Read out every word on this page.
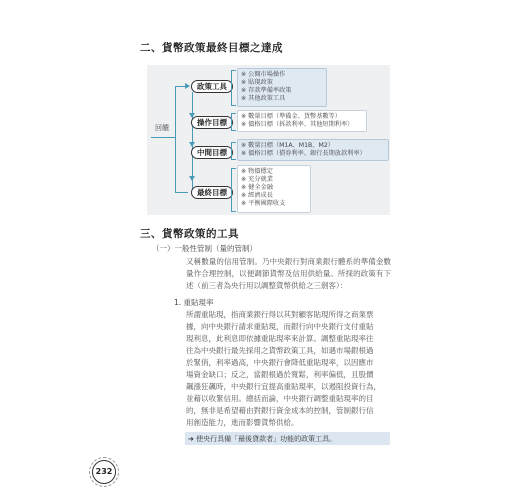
二、貨幣政策最終目標之達成
回饋
政策工具
※ 公開市場操作
※ 貼現政策
※ 存款準備率政策
※ 其他政策工具
操作目標
※ 數量目標（準備金、貨幣基數等）
※ 價格目標（拆款利率、其他短期利率）
中間目標
※ 數量目標（M1A、M1B、M2）
※ 價格目標（債券利率、銀行長期放款利率）
最終目標
※ 物價穩定
※ 充分就業
※ 健全金融
※ 經濟成長
※ 平衡國際收支
三、貨幣政策的工具
（一）一般性管制（量的管制）
又稱數量的信用管制。乃中央銀行對商業銀行體系的準備金數量作合理控制，以便調節貨幣及信用供給量。所採的政策有下述（前三者為央行用以調整貨幣供給之三劍客）：
1. 重貼現率
所謂重貼現，指商業銀行得以其對顧客貼現所得之商業票
據，向中央銀行請求重貼現，而銀行向中央銀行支付重貼
現利息，此利息即依據重貼現率來計算。調整重貼現率往
往為中央銀行最先採用之貨幣政策工具，如遇市場銀根過
於緊俏，利率過高，中央銀行會降低重貼現率，以因應市
場資金缺口；反之，當銀根過於寬鬆，利率偏低，且股價
飆漲狂飆時，中央銀行宜提高重貼現率，以遏阻投資行為，
並藉以收緊信用。總括而論，中央銀行調整重貼現率的目
的，無非是希望藉由對銀行資金成本的控制，管制銀行信
用創造能力，進而影響貨幣供給。
➜ 使央行具備「最後貸款者」功能的政策工具。
232
